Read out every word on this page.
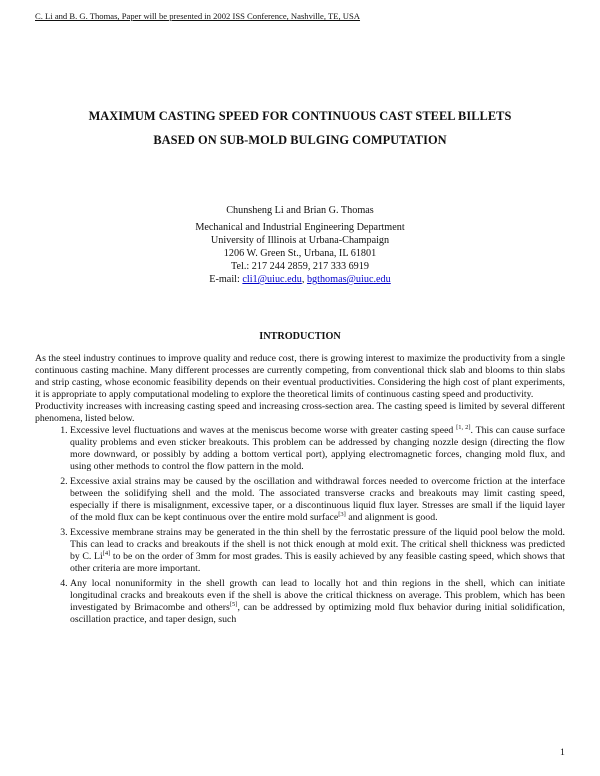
C. Li and B. G. Thomas, Paper will be presented in 2002 ISS Conference, Nashville, TE, USA
MAXIMUM CASTING SPEED FOR CONTINUOUS CAST STEEL BILLETS
BASED ON SUB-MOLD BULGING COMPUTATION
Chunsheng Li and Brian G. Thomas
Mechanical and Industrial Engineering Department
University of Illinois at Urbana-Champaign
1206 W. Green St., Urbana, IL 61801
Tel.: 217 244 2859, 217 333 6919
E-mail: cli1@uiuc.edu, bgthomas@uiuc.edu
INTRODUCTION

As the steel industry continues to improve quality and reduce cost, there is growing interest to maximize the productivity from a single continuous casting machine. Many different processes are currently competing, from conventional thick slab and blooms to thin slabs and strip casting, whose economic feasibility depends on their eventual productivities. Considering the high cost of plant experiments, it is appropriate to apply computational modeling to explore the theoretical limits of continuous casting speed and productivity.

Productivity increases with increasing casting speed and increasing cross-section area. The casting speed is limited by several different phenomena, listed below.

1. Excessive level fluctuations and waves at the meniscus become worse with greater casting speed [1, 2]. This can cause surface quality problems and even sticker breakouts. This problem can be addressed by changing nozzle design (directing the flow more downward, or possibly by adding a bottom vertical port), applying electromagnetic forces, changing mold flux, and using other methods to control the flow pattern in the mold.
2. Excessive axial strains may be caused by the oscillation and withdrawal forces needed to overcome friction at the interface between the solidifying shell and the mold. The associated transverse cracks and breakouts may limit casting speed, especially if there is misalignment, excessive taper, or a discontinuous liquid flux layer. Stresses are small if the liquid layer of the mold flux can be kept continuous over the entire mold surface[3] and alignment is good.
3. Excessive membrane strains may be generated in the thin shell by the ferrostatic pressure of the liquid pool below the mold. This can lead to cracks and breakouts if the shell is not thick enough at mold exit. The critical shell thickness was predicted by C. Li[4] to be on the order of 3mm for most grades. This is easily achieved by any feasible casting speed, which shows that other criteria are more important.
4. Any local nonuniformity in the shell growth can lead to locally hot and thin regions in the shell, which can initiate longitudinal cracks and breakouts even if the shell is above the critical thickness on average. This problem, which has been investigated by Brimacombe and others[5], can be addressed by optimizing mold flux behavior during initial solidification, oscillation practice, and taper design, such
1
